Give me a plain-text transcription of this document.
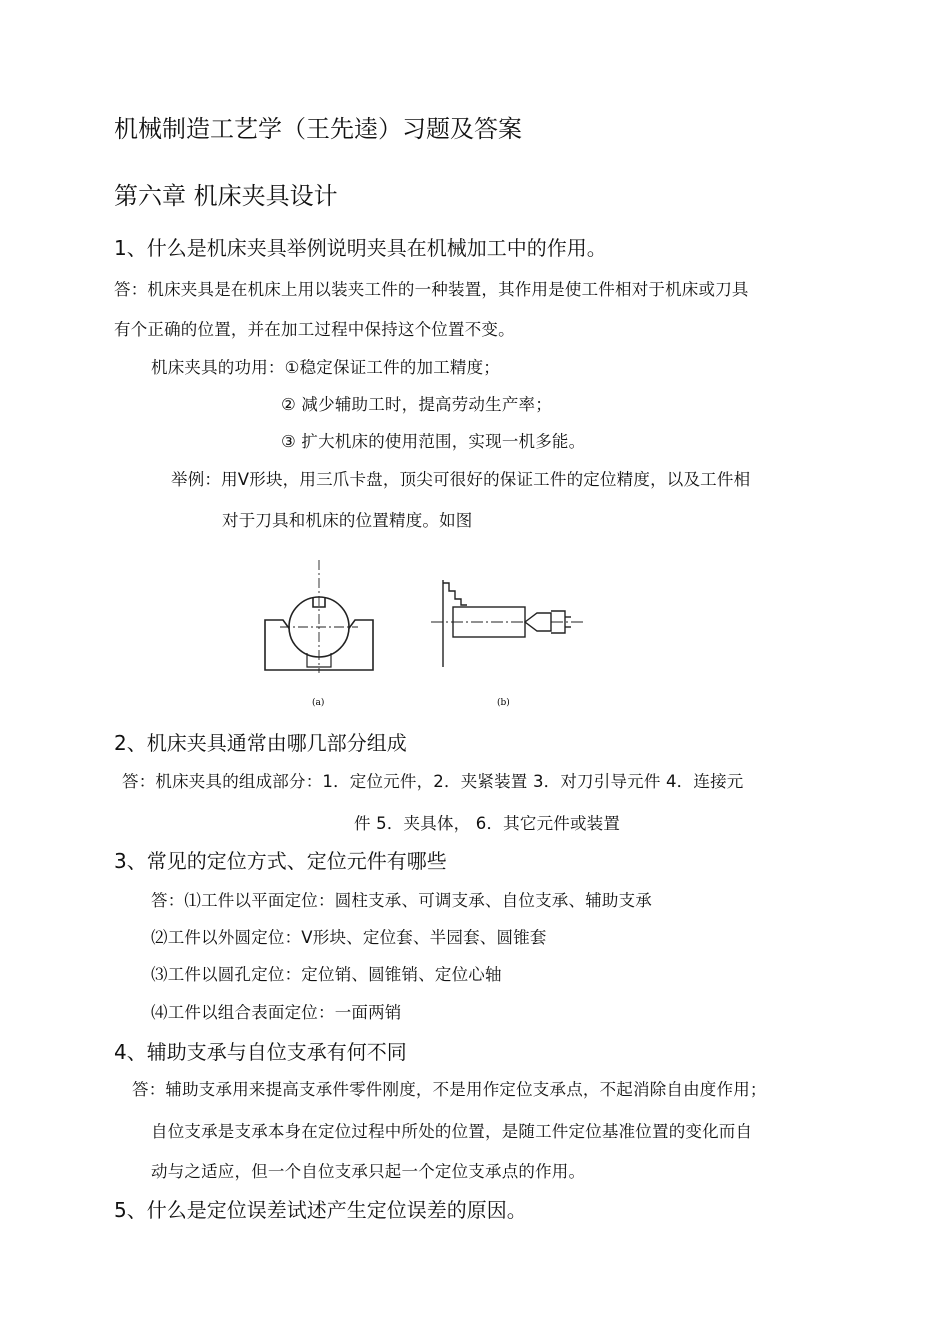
机械制造工艺学（王先逵）习题及答案
第六章 机床夹具设计
1、什么是机床夹具举例说明夹具在机械加工中的作用。
答：机床夹具是在机床上用以装夹工件的一种装置，其作用是使工件相对于机床或刀具
有个正确的位置，并在加工过程中保持这个位置不变。
机床夹具的功用：①稳定保证工件的加工精度；
② 减少辅助工时，提高劳动生产率；
③ 扩大机床的使用范围，实现一机多能。
举例：用Ⅴ形块，用三爪卡盘，顶尖可很好的保证工件的定位精度，以及工件相
对于刀具和机床的位置精度。如图
(a)	(b)
2、机床夹具通常由哪几部分组成
答：机床夹具的组成部分：1．定位元件，2．夹紧装置 3．对刀引导元件 4．连接元
件 5．夹具体， 6．其它元件或装置
3、常见的定位方式、定位元件有哪些
答：⑴工件以平面定位：圆柱支承、可调支承、自位支承、辅助支承
⑵工件以外圆定位：Ⅴ形块、定位套、半园套、圆锥套
⑶工件以圆孔定位：定位销、圆锥销、定位心轴
⑷工件以组合表面定位：一面两销
4、辅助支承与自位支承有何不同
答：辅助支承用来提高支承件零件刚度，不是用作定位支承点，不起消除自由度作用；
自位支承是支承本身在定位过程中所处的位置，是随工件定位基准位置的变化而自
动与之适应，但一个自位支承只起一个定位支承点的作用。
5、什么是定位误差试述产生定位误差的原因。
